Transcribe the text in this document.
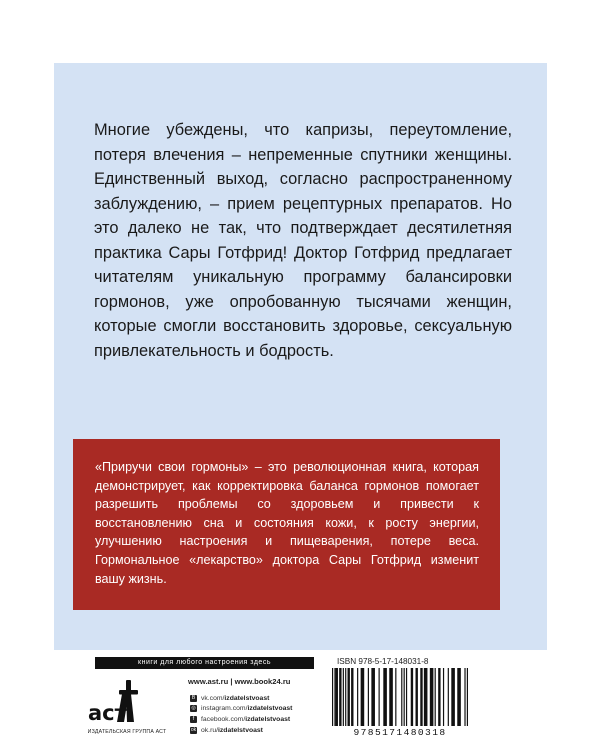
Многие убеждены, что капризы, переутомление, потеря влечения – непременные спутники женщины. Единственный выход, согласно распространенному заблуждению, – прием рецептурных препаратов. Но это далеко не так, что подтверждает десятилетняя практика Сары Готфрид! Доктор Готфрид предлагает читателям уникальную программу балансировки гормонов, уже опробованную тысячами женщин, которые смогли восстановить здоровье, сексуальную привлекательность и бодрость.

«Приручи свои гормоны» – это революционная книга, которая демонстрирует, как корректировка баланса гормонов помогает разрешить проблемы со здоровьем и привести к восстановлению сна и состояния кожи, к росту энергии, улучшению настроения и пищеварения, потере веса. Гормональное «лекарство» доктора Сары Готфрид изменит вашу жизнь.

книги для любого настроения здесь
аст
ИЗДАТЕЛЬСКАЯ ГРУППА АСТ
www.ast.ru | www.book24.ru
B vk.com/ izdatelstvoast
◎ instagram.com/ izdatelstvoast
f	facebook.com/ izdatelstvoast
ok ok.ru/ izdatelstvoast
ISBN 978-5-17-148031-8
9785171480318
